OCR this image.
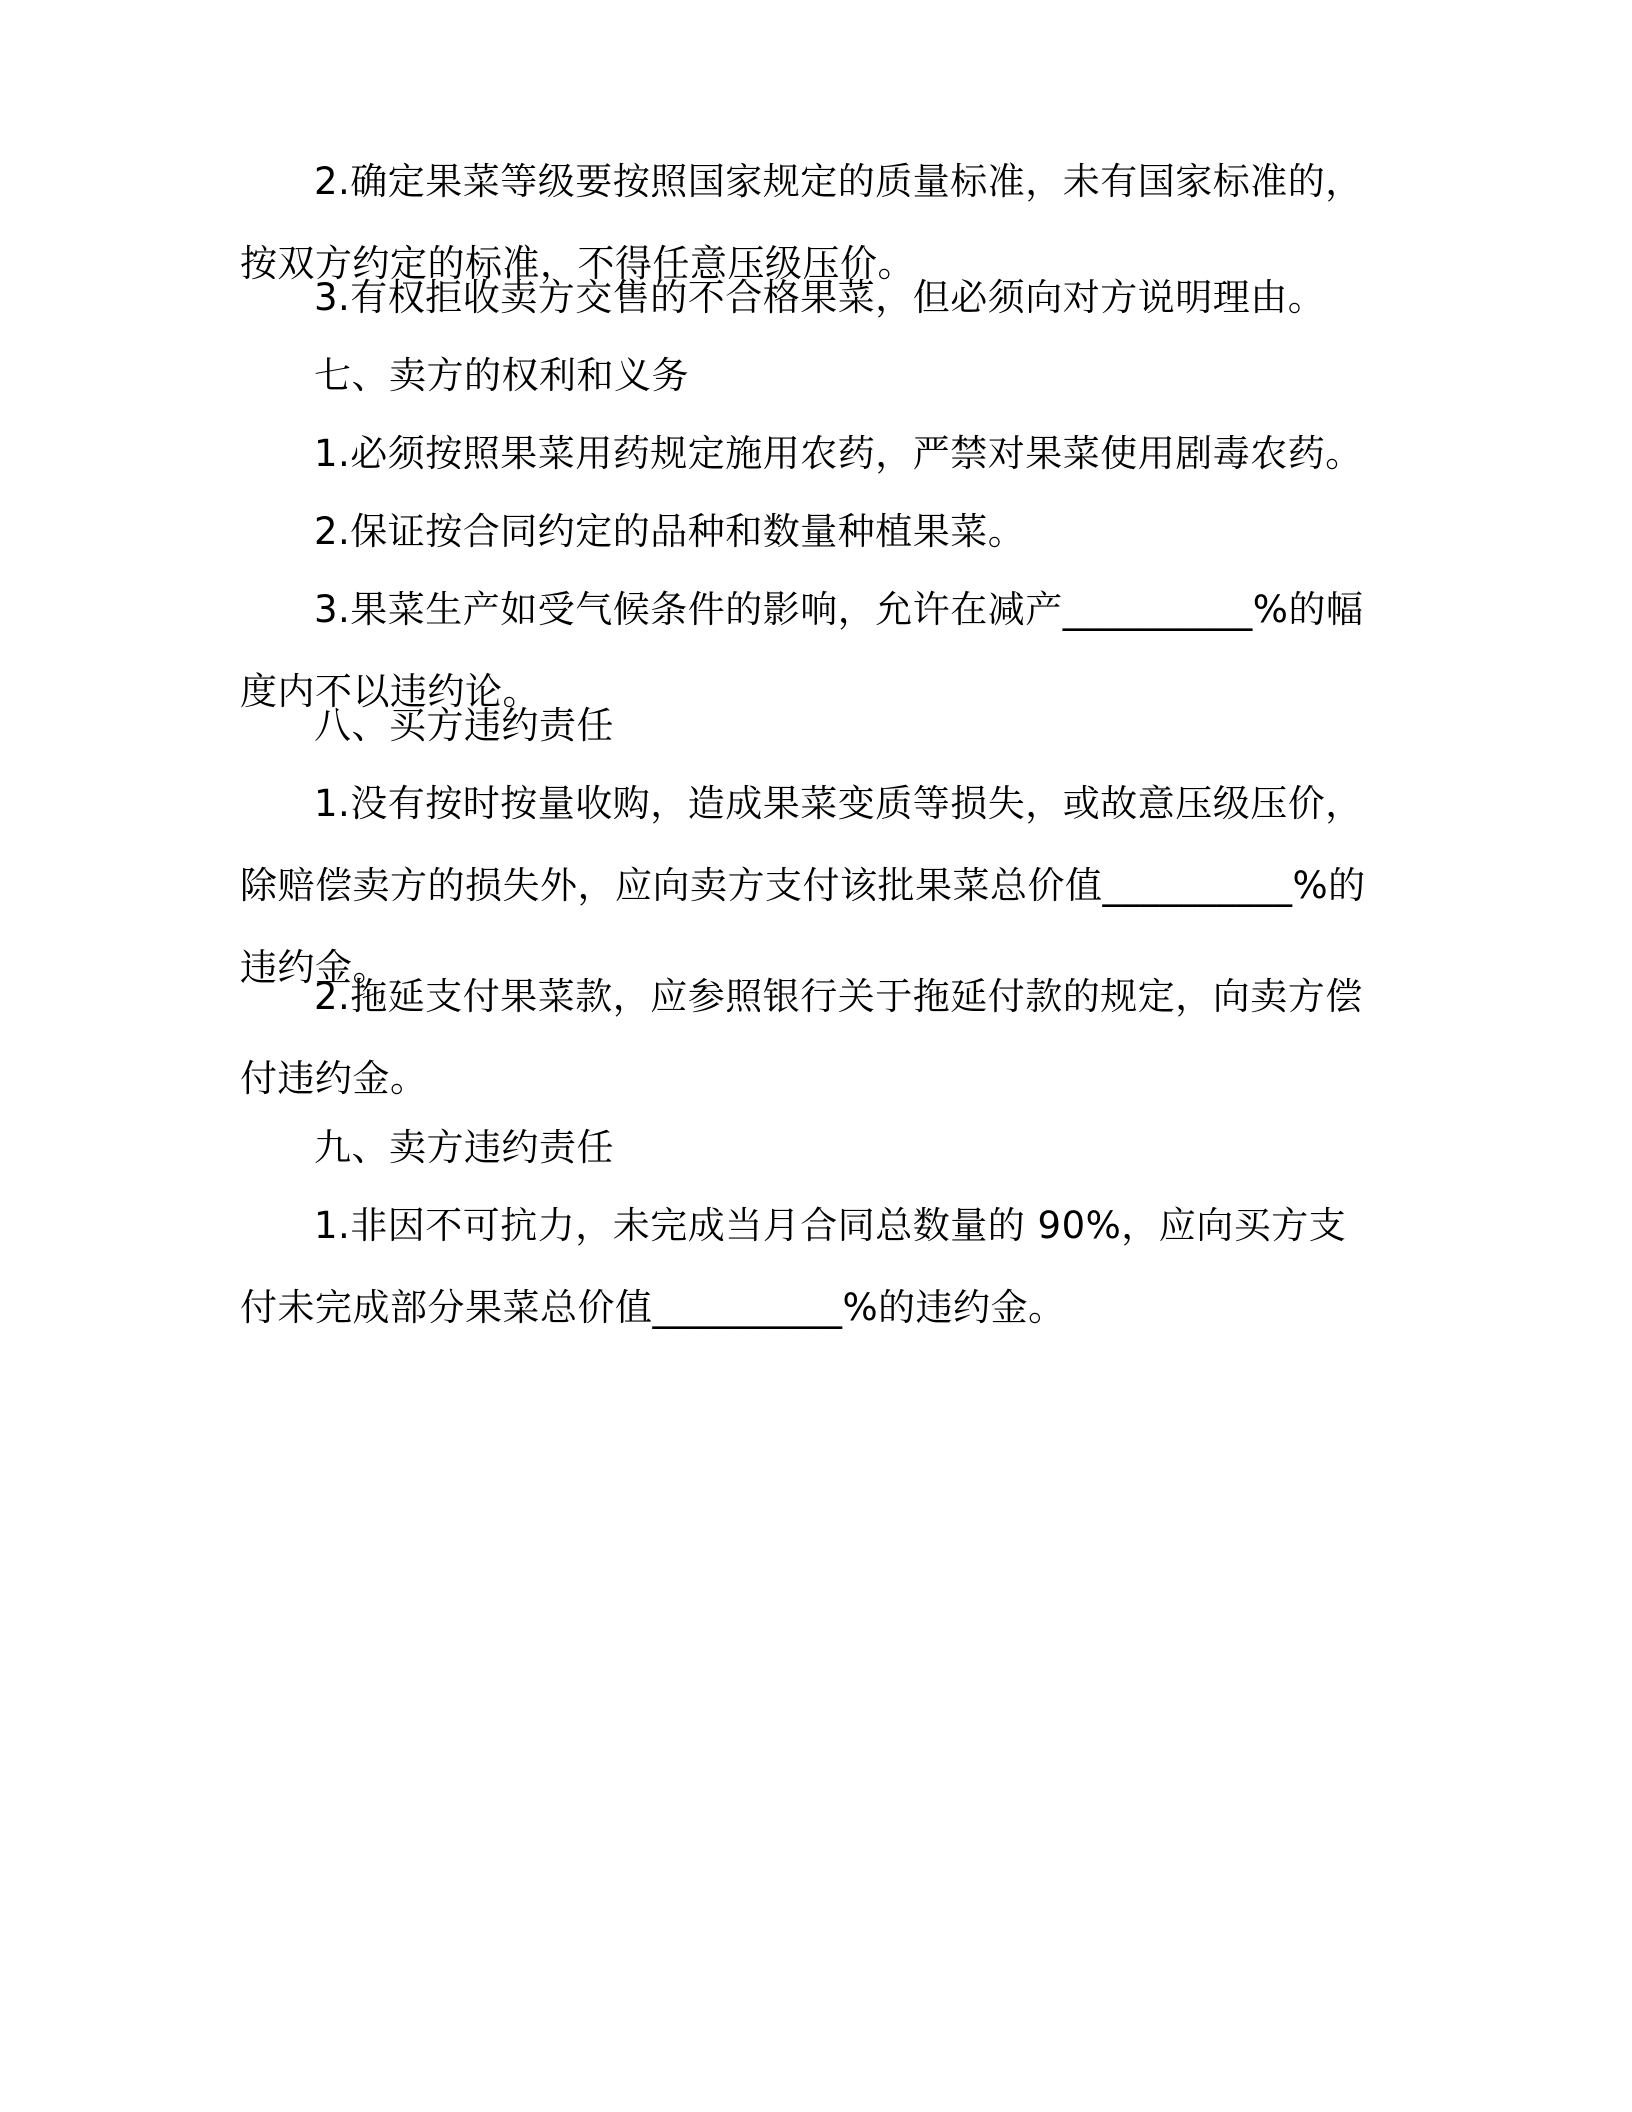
2.确定果菜等级要按照国家规定的质量标准，未有国家标准的，按双方约定的标准，不得任意压级压价。

3.有权拒收卖方交售的不合格果菜，但必须向对方说明理由。

七、卖方的权利和义务

1.必须按照果菜用药规定施用农药，严禁对果菜使用剧毒农药。

2.保证按合同约定的品种和数量种植果菜。

3.果菜生产如受气候条件的影响，允许在减产__________%的幅度内不以违约论。

八、买方违约责任

1.没有按时按量收购，造成果菜变质等损失，或故意压级压价，除赔偿卖方的损失外，应向卖方支付该批果菜总价值__________%的违约金。

2.拖延支付果菜款，应参照银行关于拖延付款的规定，向卖方偿付违约金。

九、卖方违约责任

1.非因不可抗力，未完成当月合同总数量的 90%，应向买方支付未完成部分果菜总价值__________%的违约金。
